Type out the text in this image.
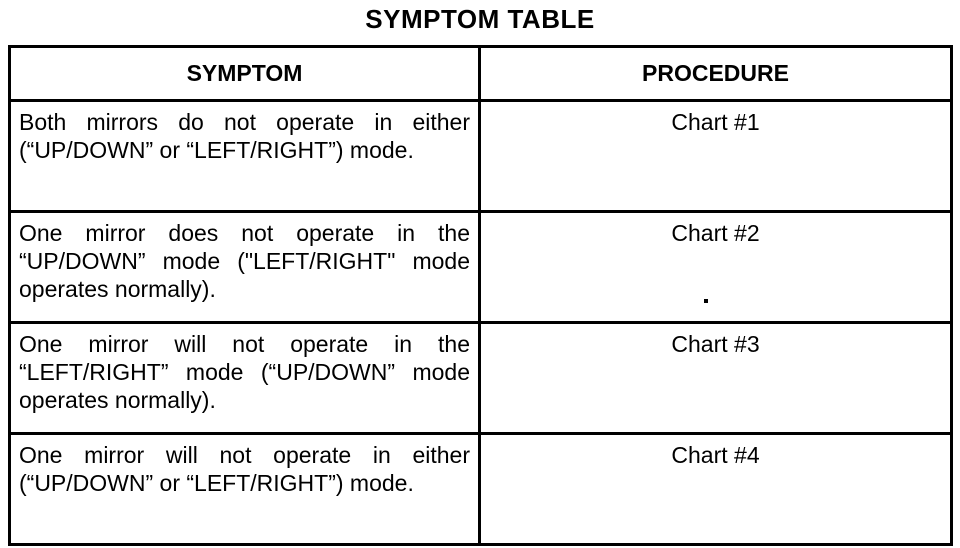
SYMPTOM TABLE
SYMPTOM	PROCEDURE
Both mirrors do not operate in either (“UP/DOWN” or “LEFT/RIGHT”) mode.	Chart #1
One mirror does not operate in the “UP/DOWN” mode ("LEFT/RIGHT" mode operates normally).	Chart #2
One mirror will not operate in the “LEFT/RIGHT” mode (“UP/DOWN” mode operates normally).	Chart #3
One mirror will not operate in either (“UP/DOWN” or “LEFT/RIGHT”) mode.	Chart #4
